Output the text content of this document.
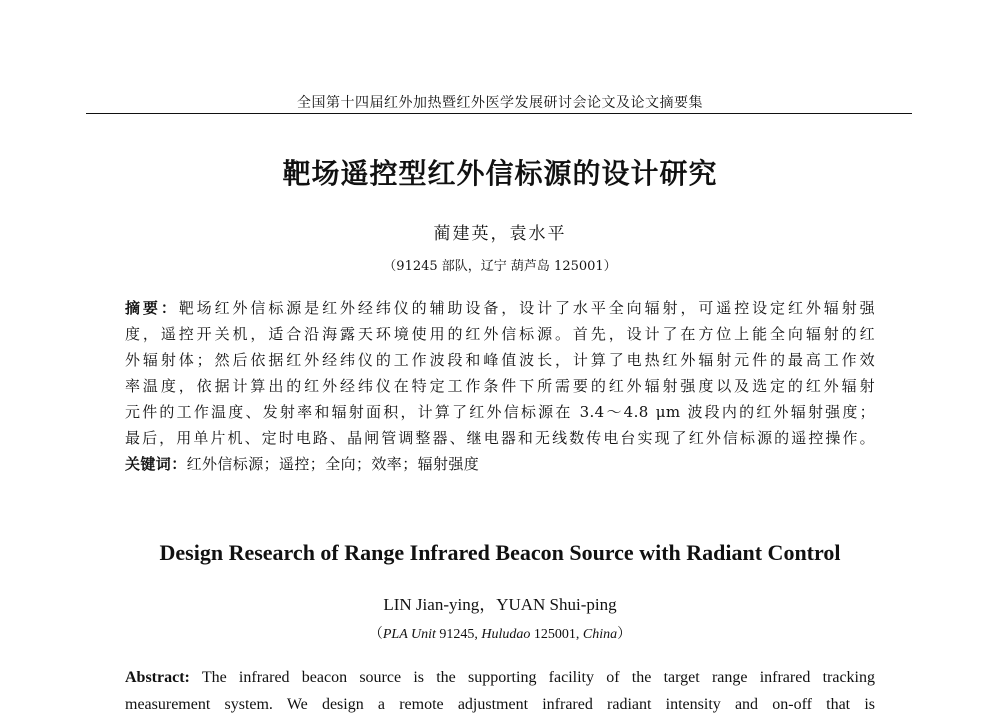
全国第十四届红外加热暨红外医学发展研讨会论文及论文摘要集
靶场遥控型红外信标源的设计研究
蔺建英，袁水平
（91245 部队，辽宁 葫芦岛 125001）
摘要：靶场红外信标源是红外经纬仪的辅助设备，设计了水平全向辐射，可遥控设定红外辐射强
度，遥控开关机，适合沿海露天环境使用的红外信标源。首先，设计了在方位上能全向辐射的红
外辐射体；然后依据红外经纬仪的工作波段和峰值波长，计算了电热红外辐射元件的最高工作效
率温度，依据计算出的红外经纬仪在特定工作条件下所需要的红外辐射强度以及选定的红外辐射
元件的工作温度、发射率和辐射面积，计算了红外信标源在 3.4～4.8 μm 波段内的红外辐射强度；
最后，用单片机、定时电路、晶闸管调整器、继电器和无线数传电台实现了红外信标源的遥控操作。
关键词：红外信标源；遥控；全向；效率；辐射强度
Design Research of Range Infrared Beacon Source with Radiant Control
LIN Jian-ying，YUAN Shui-ping
（PLA Unit 91245, Huludao 125001, China）
Abstract: The infrared beacon source is the supporting facility of the target range infrared tracking
measurement system. We design a remote adjustment infrared radiant intensity and on-off that is
